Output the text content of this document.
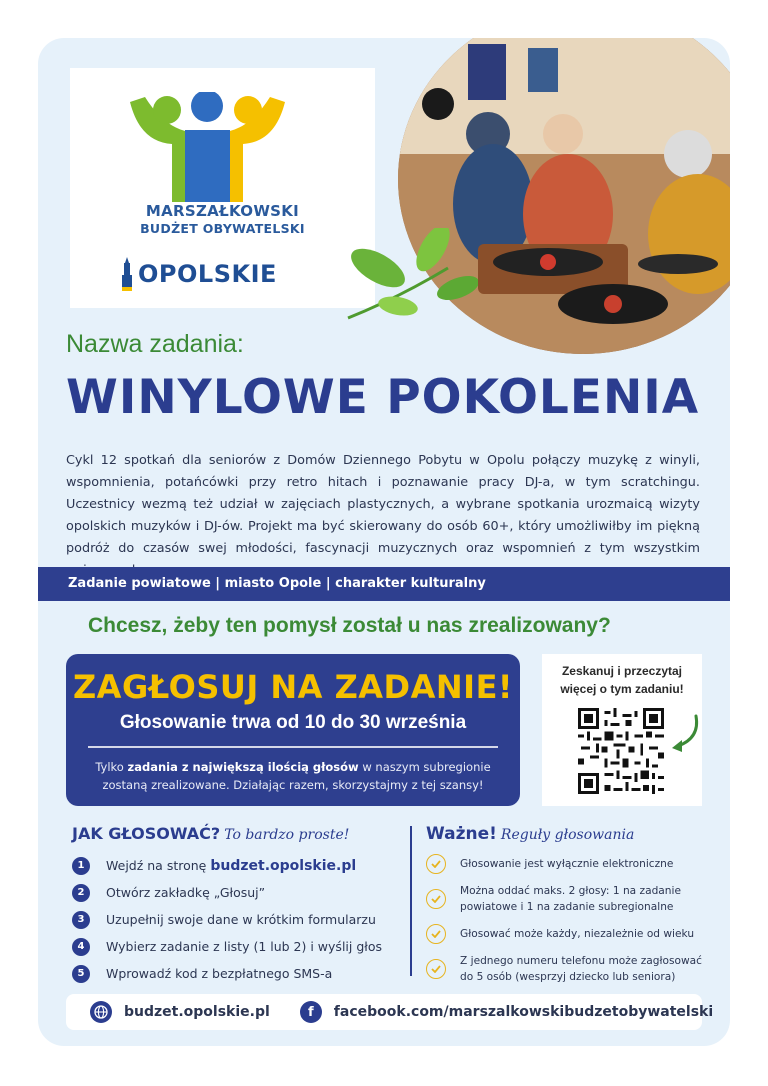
MARSZAŁKOWSKI
BUDŻET OBYWATELSKI
OPOLSKIE
Nazwa zadania:
WINYLOWE POKOLENIA

Cykl 12 spotkań dla seniorów z Domów Dziennego Pobytu w Opolu połączy muzykę z winyli, wspomnienia, potańcówki przy retro hitach i poznawanie pracy DJ-a, w tym scratchingu. Uczestnicy wezmą też udział w zajęciach plastycznych, a wybrane spotkania urozmaicą wizyty opolskich muzyków i DJ-ów. Projekt ma być skierowany do osób 60+, który umożliwiłby im piękną podróż do czasów swej młodości, fascynacji muzycznych oraz wspomnień z tym wszystkim

Zadanie powiatowe | miasto Opole | charakter kulturalny
Chcesz, żeby ten pomysł został u nas zrealizowany?
ZAGŁOSUJ NA ZADANIE!
Głosowanie trwa od 10 do 30 września
Tylko zadania z największą ilością głosów w naszym subregionie zostaną zrealizowane. Działając razem, skorzystajmy z tej szansy!
Zeskanuj i przeczytaj
więcej o tym zadaniu!
JAK GŁOSOWAĆ? To bardzo proste!
1	Wejdź na stronę budzet.opolskie.pl
2	Otwórz zakładkę „Głosuj”
3	Uzupełnij swoje dane w krótkim formularzu
4	Wybierz zadanie z listy (1 lub 2) i wyślij głos
5	Wprowadź kod z bezpłatnego SMS-a
Ważne! Reguły głosowania
Głosowanie jest wyłącznie elektroniczne
Można oddać maks. 2 głosy: 1 na zadanie powiatowe i 1 na zadanie subregionalne
Głosować może każdy, niezależnie od wieku
Z jednego numeru telefonu może zagłosować do 5 osób (wesprzyj dziecko lub seniora)
budzet.opolskie.pl	f	facebook.com/marszalkowskibudzetobywatelski
